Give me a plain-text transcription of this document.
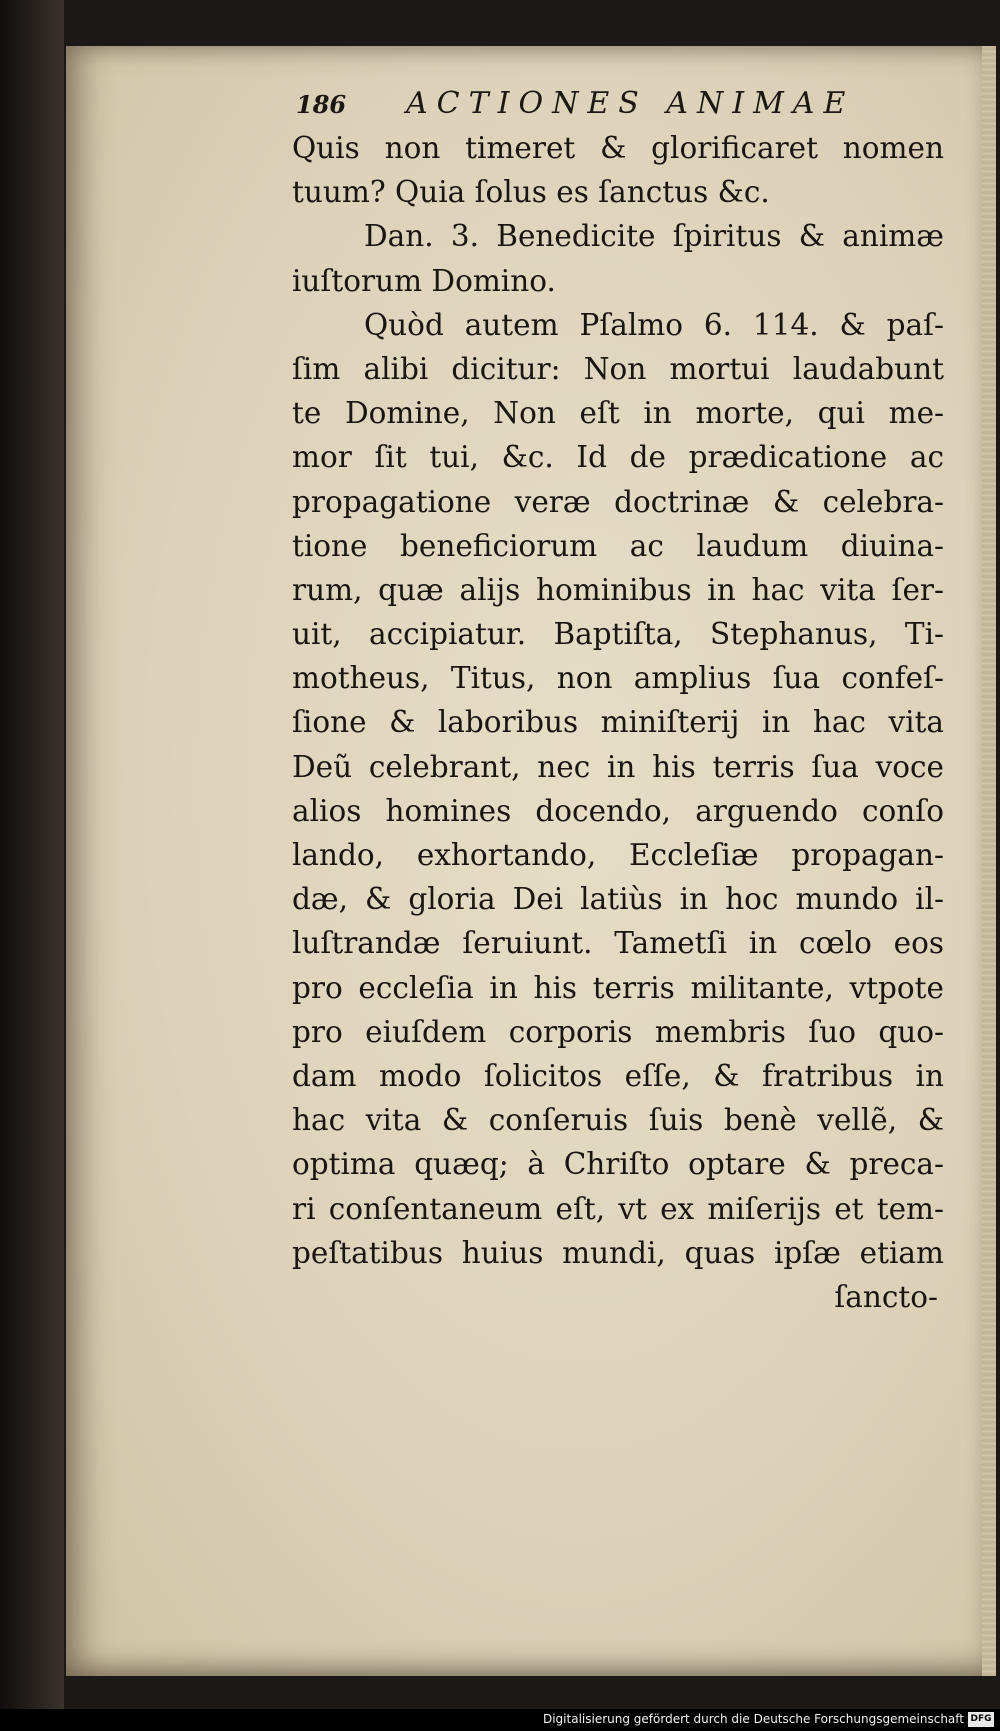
186 ACTIONES ANIMAE
Quis non timeret & glorificaret nomen
tuum? Quia ſolus es ſanctus &c.
Dan. 3. Benedicite ſpiritus & animæ
iuſtorum Domino.
Quòd autem Pſalmo 6. 114. & paſ-
ſim alibi dicitur: Non mortui laudabunt
te Domine, Non eſt in morte, qui me-
mor ſit tui, &c. Id de prædicatione ac
propagatione veræ doctrinæ & celebra-
tione beneficiorum ac laudum diuina-
rum, quæ alijs hominibus in hac vita ſer-
uit, accipiatur. Baptiſta, Stephanus, Ti-
motheus, Titus, non amplius ſua confeſ-
ſione & laboribus miniſterij in hac vita
Deũ celebrant, nec in his terris ſua voce
alios homines docendo, arguendo conſo
lando, exhortando, Eccleſiæ propagan-
dæ, & gloria Dei latiùs in hoc mundo il-
luſtrandæ ſeruiunt. Tametſi in cœlo eos
pro eccleſia in his terris militante, vtpote
pro eiuſdem corporis membris ſuo quo-
dam modo ſolicitos eſſe, & fratribus in
hac vita & conſeruis ſuis benè vellẽ, &
optima quæq; à Chriſto optare & preca-
ri conſentaneum eſt, vt ex miſerijs et tem-
peſtatibus huius mundi, quas ipſæ etiam
ſancto-
Digitalisierung gefördert durch die Deutsche Forschungsgemeinschaft DFG
